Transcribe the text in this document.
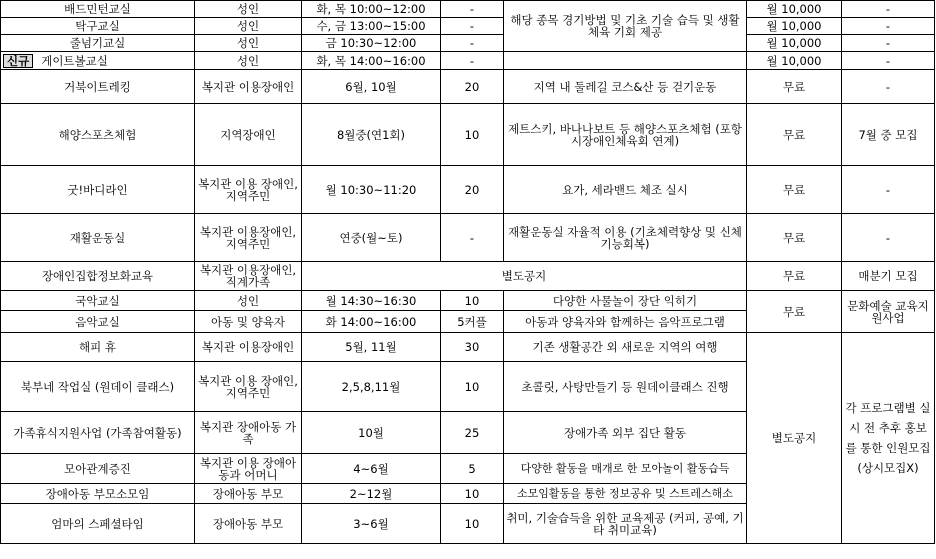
배드민턴교실	성인	화, 목 10:00~12:00	-	해당 종목 경기방법 및 기초 기술 습득 및 생활체육 기회 제공	월 10,000	-
탁구교실	성인	수, 금 13:00~15:00	-		월 10,000	-
줄넘기교실	성인	금 10:30~12:00	-		월 10,000	-
신규 게이트볼교실	성인	화, 목 14:00~16:00	-		월 10,000	-
거북이트레킹	복지관 이용장애인	6월, 10월	20	지역 내 둘레길 코스&산 등 걷기운동	무료	-
해양스포츠체험	지역장애인	8월중(연1회)	10	제트스키, 바나나보트 등 해양스포츠체험 (포항시장애인체육회 연계)	무료	7월 중 모집
굿!바디라인	복지관 이용 장애인, 지역주민	월 10:30~11:20	20	요가, 세라밴드 체조 실시	무료	-
재활운동실	복지관 이용장애인, 지역주민	연중(월~토)	-	재활운동실 자율적 이용 (기초체력향상 및 신체기능회복)	무료	-
장애인집합정보화교육	복지관 이용장애인, 직계가족	별도공지			무료	매분기 모집
국악교실	성인	월 14:30~16:30	10	다양한 사물놀이 장단 익히기	무료	문화예술 교육지원사업
음악교실	아동 및 양육자	화 14:00~16:00	5커플	아동과 양육자와 함께하는 음악프로그램		
해피 휴	복지관 이용장애인	5월, 11월	30	기존 생활공간 외 새로운 지역의 여행	별도공지	각 프로그램별 실시 전 추후 홍보를 통한 인원모집 (상시모집X)
북부네 작업실 (원데이 클래스)	복지관 이용 장애인, 지역주민	2,5,8,11월	10	초콜릿, 사탕만들기 등 원데이클래스 진행		
가족휴식지원사업 (가족참여활동)	복지관 장애아동 가족	10월	25	장애가족 외부 집단 활동		
모아관계증진	복지관 이용 장애아동과 어머니	4~6월	5	다양한 활동을 매개로 한 모아놀이 활동습득		
장애아동 부모소모임	장애아동 부모	2~12월	10	소모임활동을 통한 정보공유 및 스트레스해소		
엄마의 스페셜타임	장애아동 부모	3~6월	10	취미, 기술습득을 위한 교육제공 (커피, 공예, 기타 취미교육)		
